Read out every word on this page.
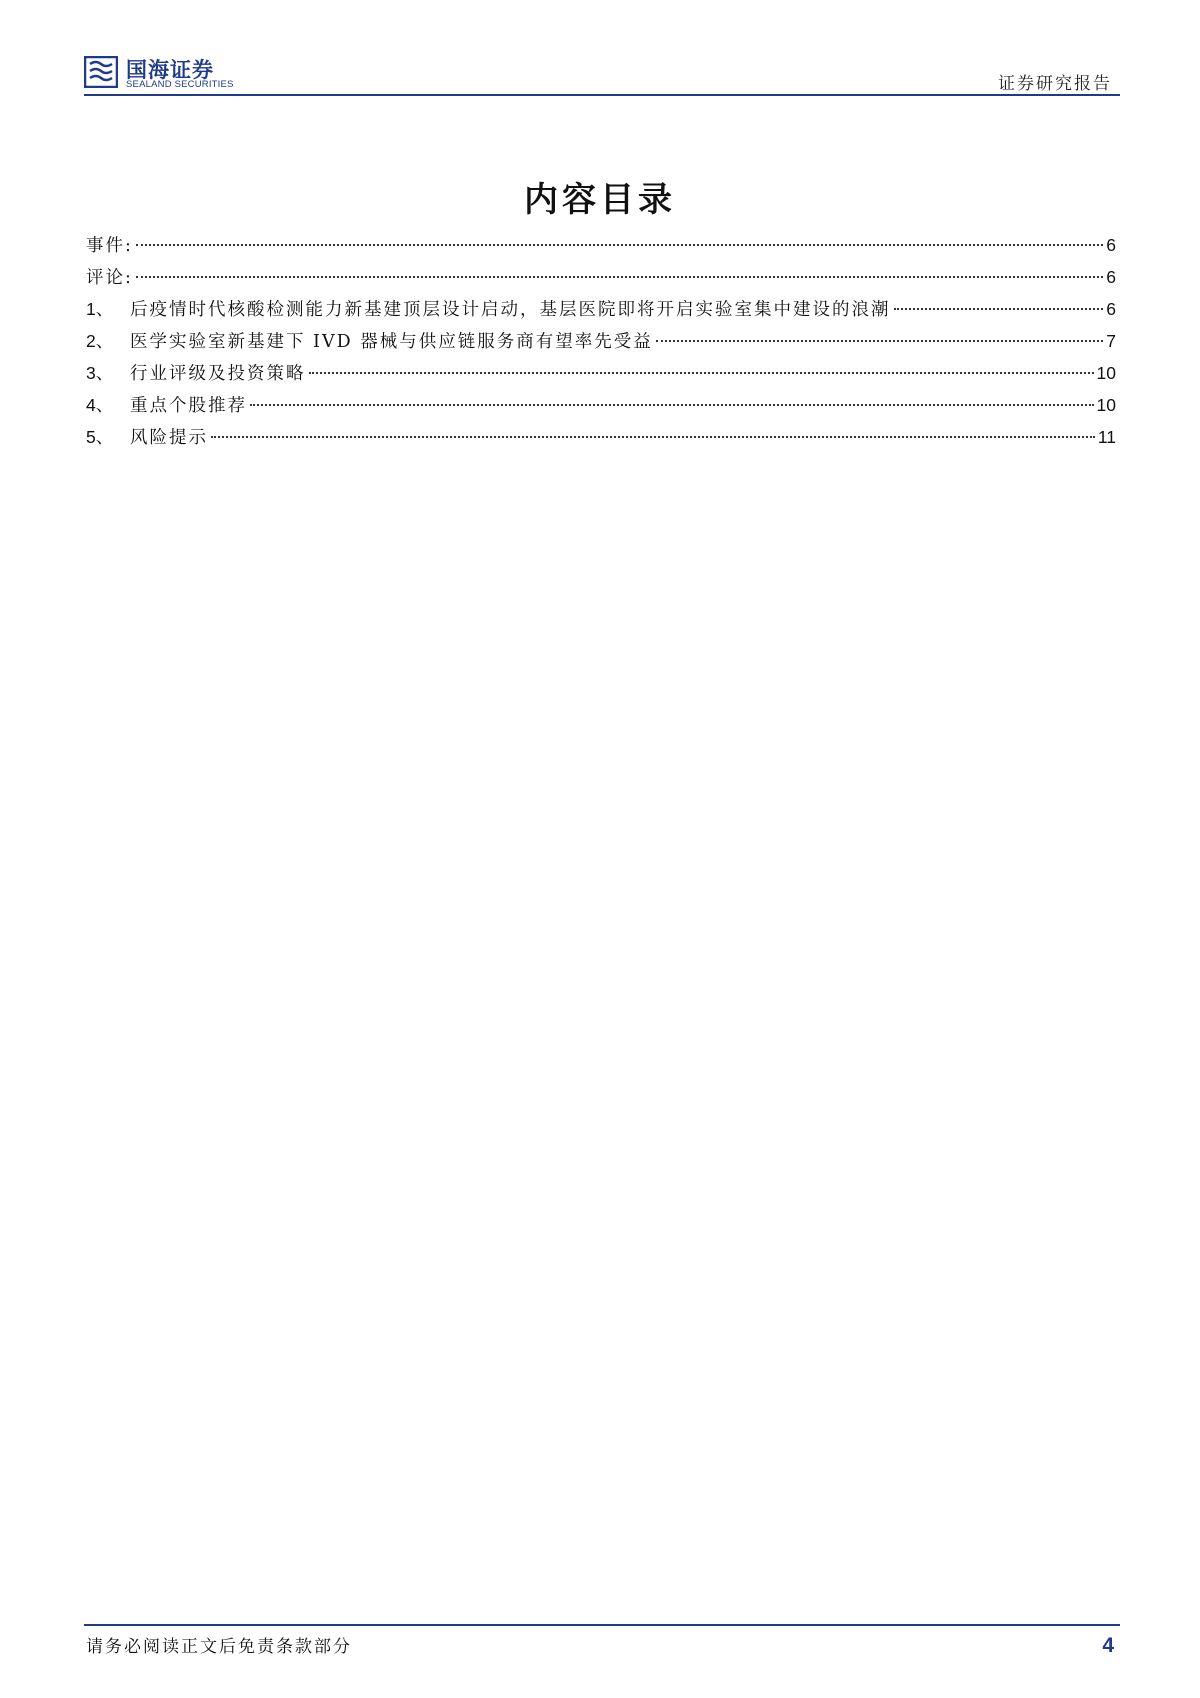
国海证券
SEALAND SECURITIES	证券研究报告
内容目录
事件:	6
评论:	6
1、 后疫情时代核酸检测能力新基建顶层设计启动，基层医院即将开启实验室集中建设的浪潮	6
2、 医学实验室新基建下 IVD 器械与供应链服务商有望率先受益	7
3、 行业评级及投资策略	10
4、 重点个股推荐	10
5、 风险提示	11
请务必阅读正文后免责条款部分	4
